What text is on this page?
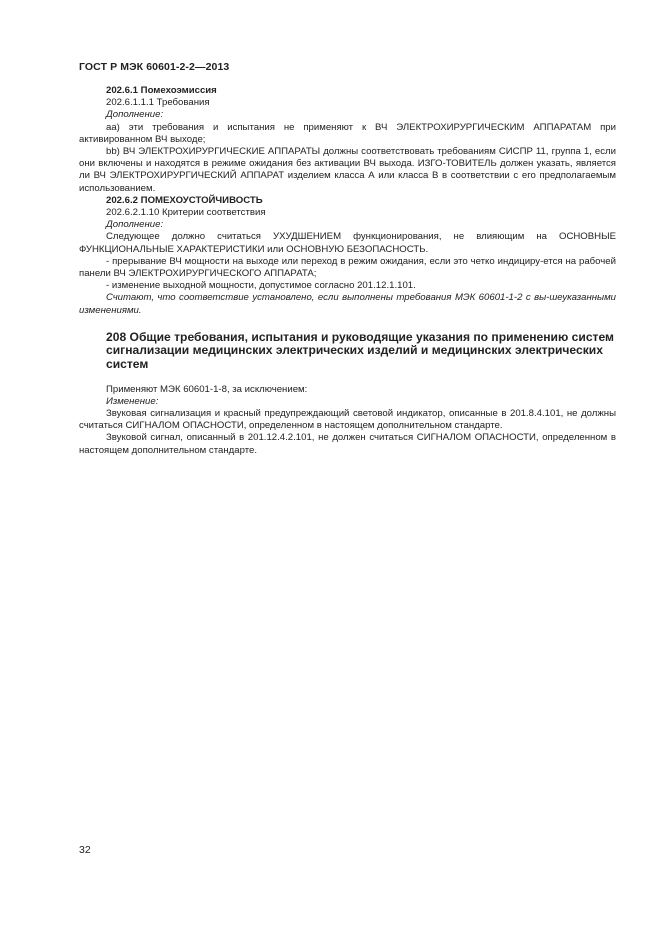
ГОСТ Р МЭК 60601-2-2—2013

202.6.1 Помехоэмиссия

202.6.1.1.1 Требования

Дополнение:

аа) эти требования и испытания не применяют к ВЧ ЭЛЕКТРОХИРУРГИЧЕСКИМ АППАРАТАМ при активированном ВЧ выходе;

bb) ВЧ ЭЛЕКТРОХИРУРГИЧЕСКИЕ АППАРАТЫ должны соответствовать требованиям СИСПР 11, группа 1, если они включены и находятся в режиме ожидания без активации ВЧ выхода. ИЗГО-ТОВИТЕЛЬ должен указать, является ли ВЧ ЭЛЕКТРОХИРУРГИЧЕСКИЙ АППАРАТ изделием класса А или класса В в соответствии с его предполагаемым использованием.

202.6.2 ПОМЕХОУСТОЙЧИВОСТЬ

202.6.2.1.10 Критерии соответствия

Дополнение:

Следующее должно считаться УХУДШЕНИЕМ функционирования, не влияющим на ОСНОВНЫЕ ФУНКЦИОНАЛЬНЫЕ ХАРАКТЕРИСТИКИ или ОСНОВНУЮ БЕЗОПАСНОСТЬ.

- прерывание ВЧ мощности на выходе или переход в режим ожидания, если это четко индициру-ется на рабочей панели ВЧ ЭЛЕКТРОХИРУРГИЧЕСКОГО АППАРАТА;

- изменение выходной мощности, допустимое согласно 201.12.1.101.

Считают, что соответствие установлено, если выполнены требования МЭК 60601-1-2 с вы-шеуказанными изменениями.

208 Общие требования, испытания и руководящие указания по применению систем сигнализации медицинских электрических изделий и медицинских электрических систем

Применяют МЭК 60601-1-8, за исключением:

Изменение:

Звуковая сигнализация и красный предупреждающий световой индикатор, описанные в 201.8.4.101, не должны считаться СИГНАЛОМ ОПАСНОСТИ, определенном в настоящем дополнительном стандарте.

Звуковой сигнал, описанный в 201.12.4.2.101, не должен считаться СИГНАЛОМ ОПАСНОСТИ, определенном в настоящем дополнительном стандарте.

32
